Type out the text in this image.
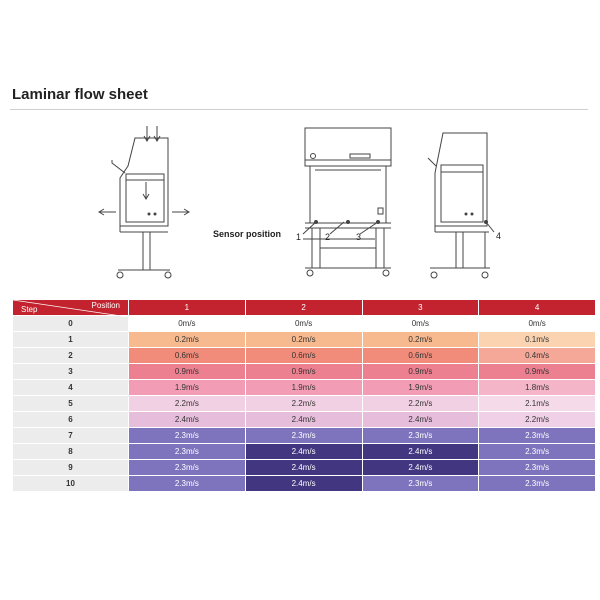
Laminar flow sheet
1	2	3	4
Sensor position
Position
Step	1	2	3	4
0	0m/s	0m/s	0m/s	0m/s
1	0.2m/s	0.2m/s	0.2m/s	0.1m/s
2	0.6m/s	0.6m/s	0.6m/s	0.4m/s
3	0.9m/s	0.9m/s	0.9m/s	0.9m/s
4	1.9m/s	1.9m/s	1.9m/s	1.8m/s
5	2.2m/s	2.2m/s	2.2m/s	2.1m/s
6	2.4m/s	2.4m/s	2.4m/s	2.2m/s
7	2.3m/s	2.3m/s	2.3m/s	2.3m/s
8	2.3m/s	2.4m/s	2.4m/s	2.3m/s
9	2.3m/s	2.4m/s	2.4m/s	2.3m/s
10	2.3m/s	2.4m/s	2.3m/s	2.3m/s
